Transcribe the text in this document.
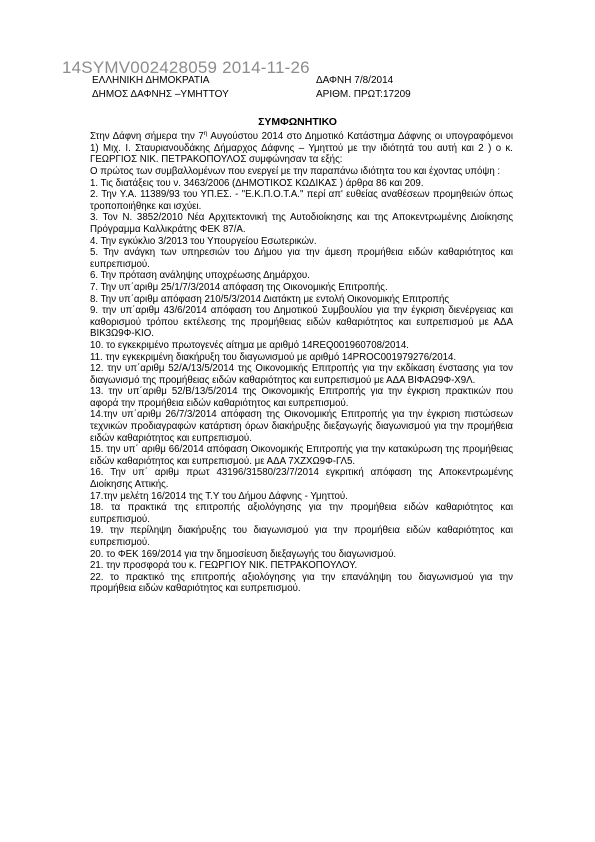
14SYMV002428059 2014-11-26
ΕΛΛΗΝΙΚΗ ΔΗΜΟΚΡΑΤΙΑ
ΔΗΜΟΣ ΔΑΦΝΗΣ –ΥΜΗΤΤΟΥ
ΔΑΦΝΗ 7/8/2014
ΑΡΙΘΜ. ΠΡΩΤ:17209
ΣΥΜΦΩΝΗΤΙΚΟ

Στην Δάφνη σήμερα την $7^\eta$ Αυγούστου 2014 στο Δημοτικό Κατάστημα Δάφνης οι υπογραφόμενοι 1) Μιχ. Ι. Σταυριανουδάκης Δήμαρχος Δάφνης – Υμηττού με την ιδιότητά του αυτή και 2 ) ο κ. ΓΕΩΡΓΙΟΣ ΝΙΚ. ΠΕΤΡΑΚΟΠΟΥΛΟΣ συμφώνησαν τα εξής:

Ο πρώτος των συμβαλλομένων που ενεργεί με την παραπάνω ιδιότητα του και έχοντας υπόψη :

1. Τις διατάξεις του ν. 3463/2006 (ΔΗΜΟΤΙΚΟΣ ΚΩΔΙΚΑΣ ) άρθρα 86 και 209.

2. Την Υ.Α. 11389/93 του ΥΠ.ΕΣ. - "Ε.Κ.Π.Ο.Τ.Α." περί απ' ευθείας αναθέσεων προμηθειών όπως τροποποιήθηκε και ισχύει.

3. Τον Ν. 3852/2010 Νέα Αρχιτεκτονική της Αυτοδιοίκησης και της Αποκεντρωμένης Διοίκησης Πρόγραμμα Καλλικράτης ΦΕΚ 87/Α.

4. Την εγκύκλιο 3/2013 του Υπουργείου Εσωτερικών.

5. Την ανάγκη των υπηρεσιών του Δήμου για την άμεση προμήθεια ειδών καθαριότητος και ευπρεπισμού.

6. Την πρόταση ανάληψης υποχρέωσης Δημάρχου.

7. Την υπ΄αριθμ 25/1/7/3/2014 απόφαση της Οικονομικής Επιτροπής.

8. Την υπ΄αριθμ απόφαση 210/5/3/2014 Διατάκτη με εντολή Οικονομικής Επιτροπής

9. την υπ΄αριθμ 43/6/2014 απόφαση του Δημοτικού Συμβουλίου για την έγκριση διενέργειας και καθορισμού τρόπου εκτέλεσης της προμήθειας ειδών καθαριότητος και ευπρεπισμού με ΑΔΑ ΒΙΚ3Ω9Φ-ΚΙΟ.

10. το εγκεκριμένο πρωτογενές αίτημα με αριθμό 14REQ001960708/2014.

11. την εγκεκριμένη διακήρυξη του διαγωνισμού με αριθμό 14PROC001979276/2014.

12. την υπ΄αριθμ 52/Α/13/5/2014 της Οικονομικής Επιτροπής για την εκδίκαση ένστασης για τον διαγωνισμό της προμήθειας ειδών καθαριότητος και ευπρεπισμού με ΑΔΑ ΒΙΦΑΩ9Φ-Χ9Λ.

13. την υπ΄αριθμ 52/Β/13/5/2014 της Οικονομικής Επιτροπής για την έγκριση πρακτικών που αφορά την προμήθεια ειδών καθαριότητος και ευπρεπισμού.

14.την υπ΄αριθμ 26/7/3/2014 απόφαση της Οικονομικής Επιτροπής για την έγκριση πιστώσεων τεχνικών προδιαγραφών κατάρτιση όρων διακήρυξης διεξαγωγής διαγωνισμού για την προμήθεια ειδών καθαριότητος και ευπρεπισμού.

15. την υπ΄ αριθμ 66/2014 απόφαση Οικονομικής Επιτροπής για την κατακύρωση της προμήθειας ειδών καθαριότητος και ευπρεπισμού. με ΑΔΑ 7ΧΖΧΩ9Φ-ΓΛ5.

16. Την υπ΄ αριθμ πρωτ 43196/31580/23/7/2014 εγκριτική απόφαση της Αποκεντρωμένης Διοίκησης Αττικής.

17.την μελέτη 16/2014 της Τ.Υ του Δήμου Δάφνης - Υμηττού.

18. τα πρακτικά της επιτροπής αξιολόγησης για την προμήθεια ειδών καθαριότητος και ευπρεπισμού.

19. την περίληψη διακήρυξης του διαγωνισμού για την προμήθεια ειδών καθαριότητος και ευπρεπισμού.

20. το ΦΕΚ 169/2014 για την δημοσίευση διεξαγωγής του διαγωνισμού.

21. την προσφορά του κ. ΓΕΩΡΓΙΟΥ ΝΙΚ. ΠΕΤΡΑΚΟΠΟΥΛΟΥ.

22. το πρακτικό της επιτροπής αξιολόγησης για την επανάληψη του διαγωνισμού για την προμήθεια ειδών καθαριότητος και ευπρεπισμού.
